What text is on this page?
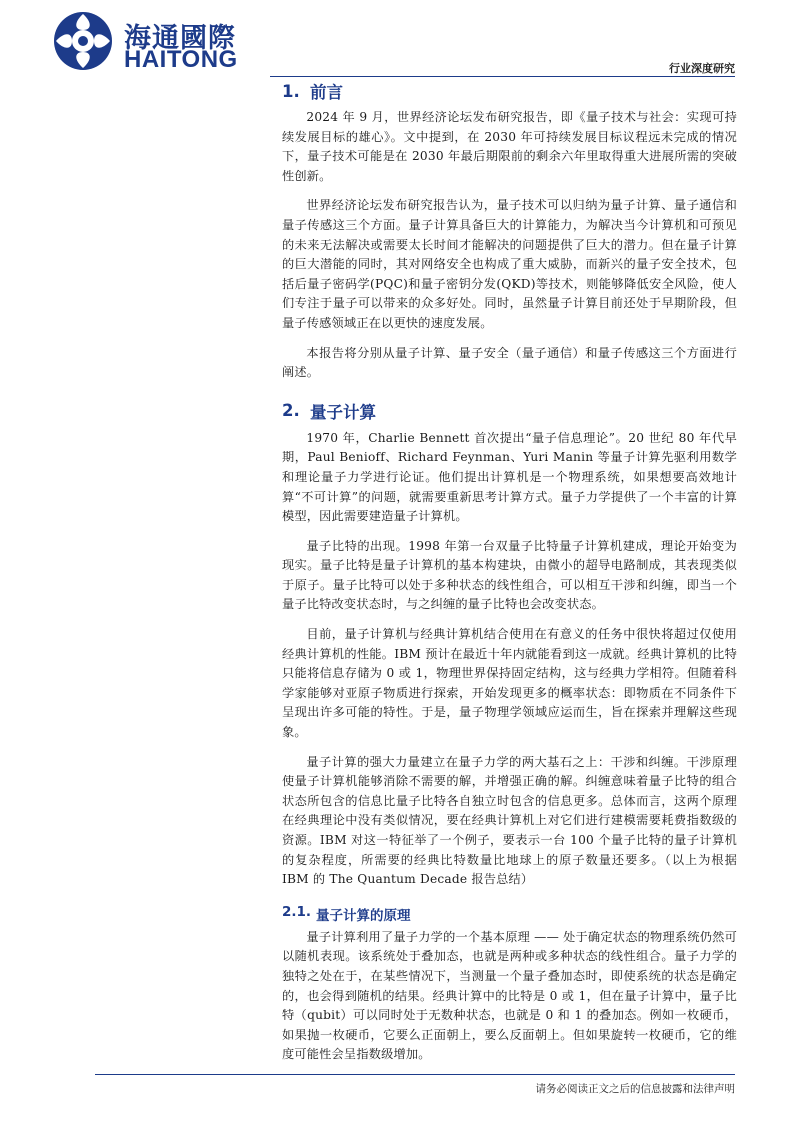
海通國際
HAITONG	行业深度研究
1. 前言

2024 年 9 月，世界经济论坛发布研究报告，即《量子技术与社会：实现可持续发展目标的雄心》。文中提到，在 2030 年可持续发展目标议程远未完成的情况下，量子技术可能是在 2030 年最后期限前的剩余六年里取得重大进展所需的突破性创新。

世界经济论坛发布研究报告认为，量子技术可以归纳为量子计算、量子通信和量子传感这三个方面。量子计算具备巨大的计算能力，为解决当今计算机和可预见的未来无法解决或需要太长时间才能解决的问题提供了巨大的潜力。但在量子计算的巨大潜能的同时，其对网络安全也构成了重大威胁，而新兴的量子安全技术，包括后量子密码学(PQC)和量子密钥分发(QKD)等技术，则能够降低安全风险，使人们专注于量子可以带来的众多好处。同时，虽然量子计算目前还处于早期阶段，但量子传感领域正在以更快的速度发展。

本报告将分别从量子计算、量子安全（量子通信）和量子传感这三个方面进行阐述。

2. 量子计算

1970 年，Charlie Bennett 首次提出“量子信息理论”。20 世纪 80 年代早期，Paul Benioff、Richard Feynman、Yuri Manin 等量子计算先驱利用数学和理论量子力学进行论证。他们提出计算机是一个物理系统，如果想要高效地计算“不可计算”的问题，就需要重新思考计算方式。量子力学提供了一个丰富的计算模型，因此需要建造量子计算机。

量子比特的出现。1998 年第一台双量子比特量子计算机建成，理论开始变为现实。量子比特是量子计算机的基本构建块，由微小的超导电路制成，其表现类似于原子。量子比特可以处于多种状态的线性组合，可以相互干涉和纠缠，即当一个量子比特改变状态时，与之纠缠的量子比特也会改变状态。

目前，量子计算机与经典计算机结合使用在有意义的任务中很快将超过仅使用经典计算机的性能。IBM 预计在最近十年内就能看到这一成就。经典计算机的比特只能将信息存储为 0 或 1，物理世界保持固定结构，这与经典力学相符。但随着科学家能够对亚原子物质进行探索，开始发现更多的概率状态：即物质在不同条件下呈现出许多可能的特性。于是，量子物理学领域应运而生，旨在探索并理解这些现象。

量子计算的强大力量建立在量子力学的两大基石之上：干涉和纠缠。干涉原理使量子计算机能够消除不需要的解，并增强正确的解。纠缠意味着量子比特的组合状态所包含的信息比量子比特各自独立时包含的信息更多。总体而言，这两个原理在经典理论中没有类似情况，要在经典计算机上对它们进行建模需要耗费指数级的资源。IBM 对这一特征举了一个例子，要表示一台 100 个量子比特的量子计算机的复杂程度，所需要的经典比特数量比地球上的原子数量还要多。（以上为根据 IBM 的 The Quantum Decade 报告总结）

2.1. 量子计算的原理

量子计算利用了量子力学的一个基本原理 —— 处于确定状态的物理系统仍然可以随机表现。该系统处于叠加态，也就是两种或多种状态的线性组合。量子力学的独特之处在于，在某些情况下，当测量一个量子叠加态时，即使系统的状态是确定的，也会得到随机的结果。经典计算中的比特是 0 或 1，但在量子计算中，量子比特（qubit）可以同时处于无数种状态，也就是 0 和 1 的叠加态。例如一枚硬币，如果抛一枚硬币，它要么正面朝上，要么反面朝上。但如果旋转一枚硬币，它的维度可能性会呈指数级增加。

请务必阅读正文之后的信息披露和法律声明
